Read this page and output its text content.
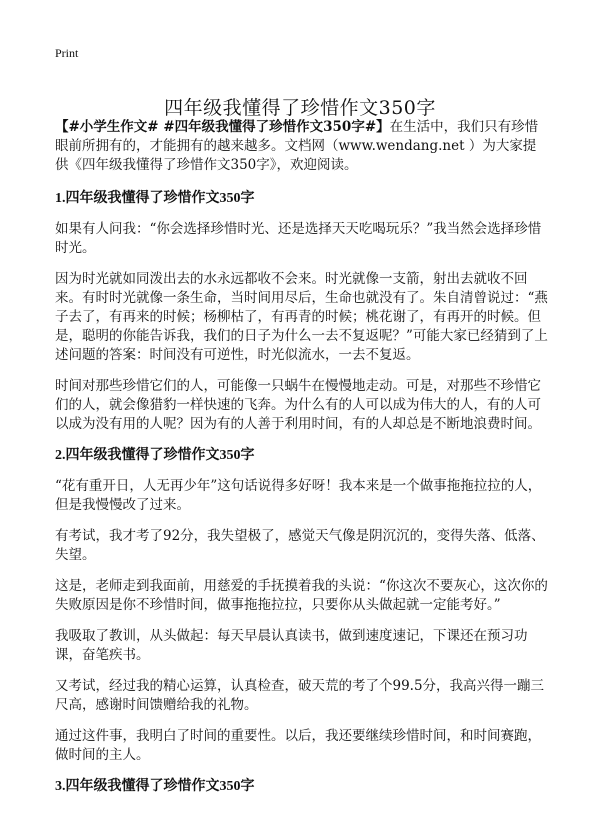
Print
四年级我懂得了珍惜作文350字

【#小学生作文# #四年级我懂得了珍惜作文350字#】在生活中，我们只有珍惜眼前所拥有的，才能拥有的越来越多。文档网（www.wendang.net ）为大家提供《四年级我懂得了珍惜作文350字》，欢迎阅读。

1.四年级我懂得了珍惜作文350字

如果有人问我：“你会选择珍惜时光、还是选择天天吃喝玩乐？”我当然会选择珍惜时光。

因为时光就如同泼出去的水永远都收不会来。时光就像一支箭，射出去就收不回来。有时时光就像一条生命，当时间用尽后，生命也就没有了。朱自清曾说过：“燕子去了，有再来的时候；杨柳枯了，有再青的时候；桃花谢了，有再开的时候。但是，聪明的你能告诉我，我们的日子为什么一去不复返呢？”可能大家已经猜到了上述问题的答案：时间没有可逆性，时光似流水，一去不复返。

时间对那些珍惜它们的人，可能像一只蜗牛在慢慢地走动。可是，对那些不珍惜它们的人，就会像猎豹一样快速的飞奔。为什么有的人可以成为伟大的人，有的人可以成为没有用的人呢？因为有的人善于利用时间，有的人却总是不断地浪费时间。

2.四年级我懂得了珍惜作文350字

“花有重开日，人无再少年”这句话说得多好呀！我本来是一个做事拖拖拉拉的人，但是我慢慢改了过来。

有考试，我才考了92分，我失望极了，感觉天气像是阴沉沉的，变得失落、低落、失望。

这是，老师走到我面前，用慈爱的手抚摸着我的头说：“你这次不要灰心，这次你的失败原因是你不珍惜时间，做事拖拖拉拉，只要你从头做起就一定能考好。”

我吸取了教训，从头做起：每天早晨认真读书，做到速度速记，下课还在预习功课，奋笔疾书。

又考试，经过我的精心运算，认真检查，破天荒的考了个99.5分，我高兴得一蹦三尺高，感谢时间馈赠给我的礼物。

通过这件事，我明白了时间的重要性。以后，我还要继续珍惜时间，和时间赛跑，做时间的主人。

3.四年级我懂得了珍惜作文350字
